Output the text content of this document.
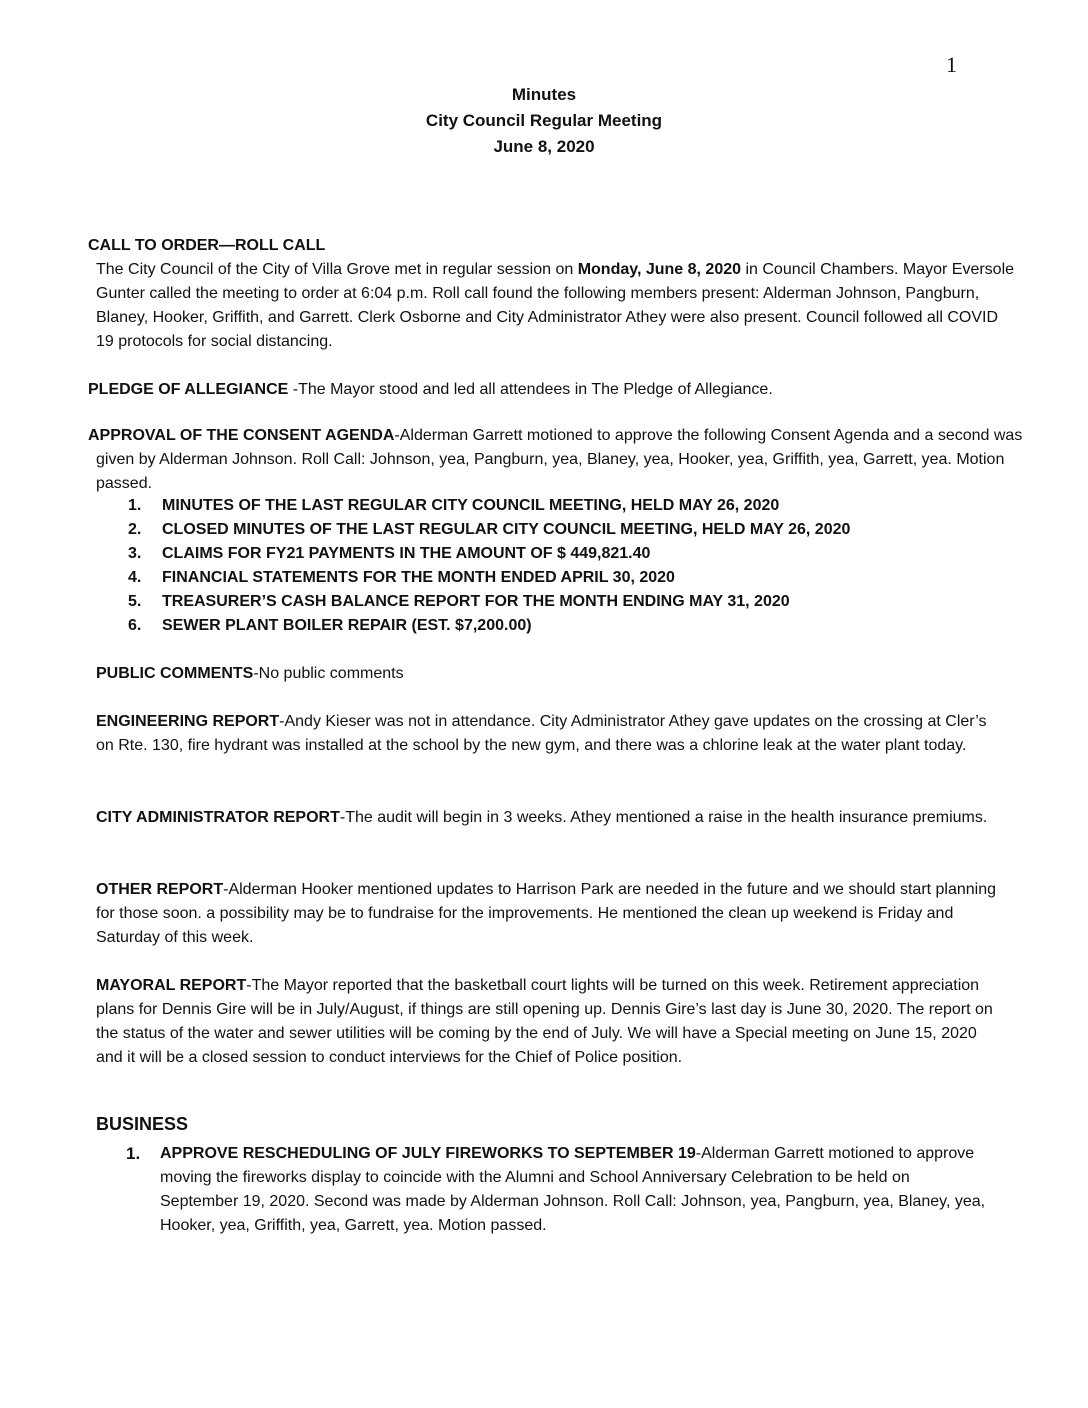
1
Minutes
City Council Regular Meeting
June 8, 2020
CALL TO ORDER—ROLL CALL
The City Council of the City of Villa Grove met in regular session on Monday, June 8, 2020 in Council Chambers. Mayor Eversole Gunter called the meeting to order at 6:04 p.m. Roll call found the following members present: Alderman Johnson, Pangburn, Blaney, Hooker, Griffith, and Garrett. Clerk Osborne and City Administrator Athey were also present. Council followed all COVID 19 protocols for social distancing.
PLEDGE OF ALLEGIANCE -The Mayor stood and led all attendees in The Pledge of Allegiance.
APPROVAL OF THE CONSENT AGENDA-Alderman Garrett motioned to approve the following Consent Agenda and a second was given by Alderman Johnson. Roll Call: Johnson, yea, Pangburn, yea, Blaney, yea, Hooker, yea, Griffith, yea, Garrett, yea. Motion passed.
1.	MINUTES OF THE LAST REGULAR CITY COUNCIL MEETING, HELD MAY 26, 2020
2.	CLOSED MINUTES OF THE LAST REGULAR CITY COUNCIL MEETING, HELD MAY 26, 2020
3.	CLAIMS FOR FY21 PAYMENTS IN THE AMOUNT OF $ 449,821.40
4.	FINANCIAL STATEMENTS FOR THE MONTH ENDED APRIL 30, 2020
5.	TREASURER’S CASH BALANCE REPORT FOR THE MONTH ENDING MAY 31, 2020
6.	SEWER PLANT BOILER REPAIR (EST. $7,200.00)
PUBLIC COMMENTS-No public comments
ENGINEERING REPORT-Andy Kieser was not in attendance. City Administrator Athey gave updates on the crossing at Cler’s on Rte. 130, fire hydrant was installed at the school by the new gym, and there was a chlorine leak at the water plant today.
CITY ADMINISTRATOR REPORT-The audit will begin in 3 weeks. Athey mentioned a raise in the health insurance premiums.
OTHER REPORT-Alderman Hooker mentioned updates to Harrison Park are needed in the future and we should start planning for those soon. a possibility may be to fundraise for the improvements. He mentioned the clean up weekend is Friday and Saturday of this week.
MAYORAL REPORT-The Mayor reported that the basketball court lights will be turned on this week. Retirement appreciation plans for Dennis Gire will be in July/August, if things are still opening up. Dennis Gire’s last day is June 30, 2020. The report on the status of the water and sewer utilities will be coming by the end of July. We will have a Special meeting on June 15, 2020 and it will be a closed session to conduct interviews for the Chief of Police position.
BUSINESS
1.	APPROVE RESCHEDULING OF JULY FIREWORKS TO SEPTEMBER 19-Alderman Garrett motioned to approve moving the fireworks display to coincide with the Alumni and School Anniversary Celebration to be held on September 19, 2020. Second was made by Alderman Johnson. Roll Call: Johnson, yea, Pangburn, yea, Blaney, yea, Hooker, yea, Griffith, yea, Garrett, yea. Motion passed.
